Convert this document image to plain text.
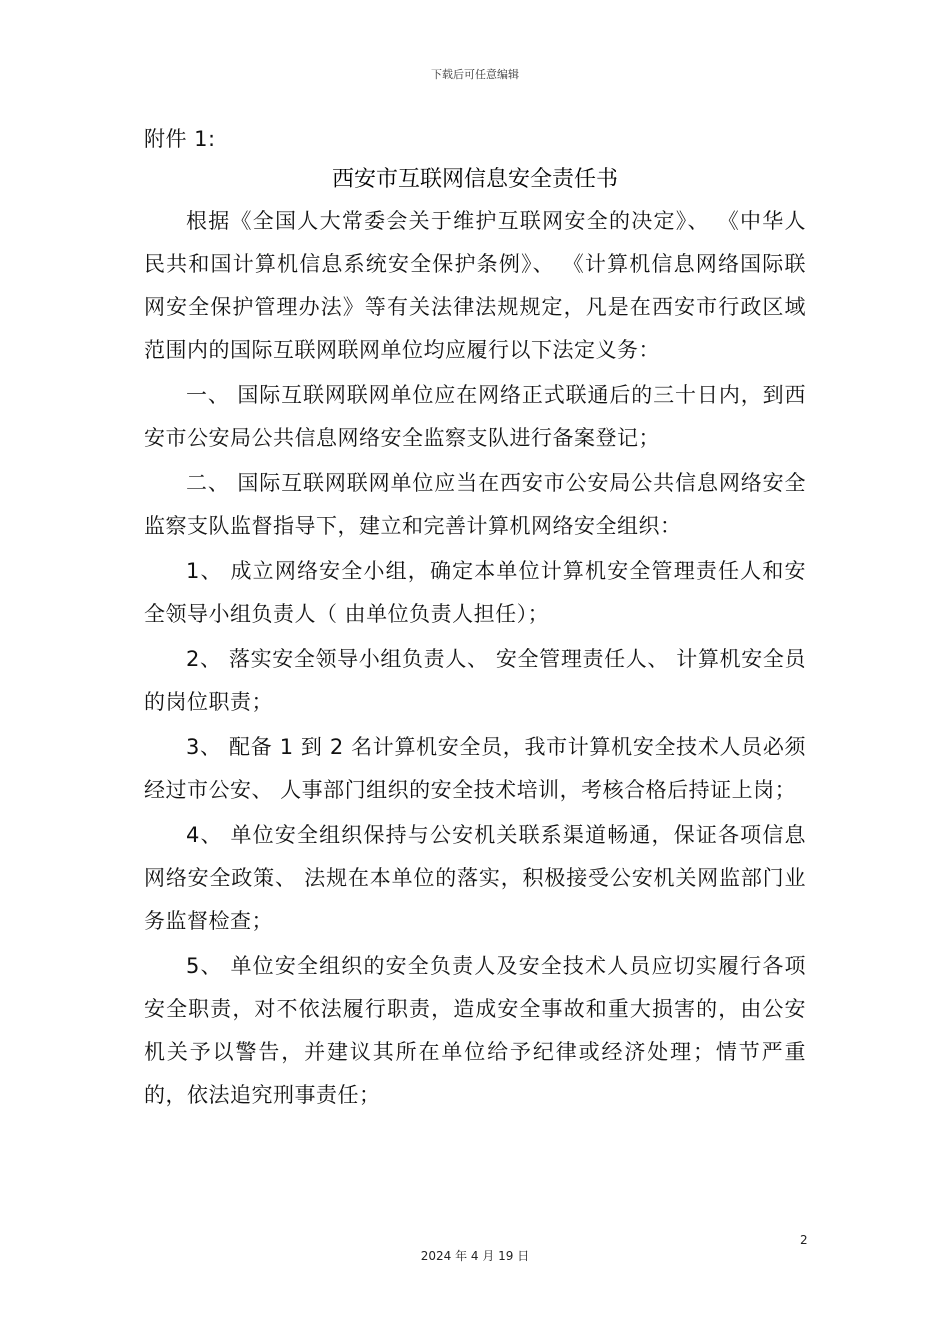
下载后可任意编辑
附件 1:
西安市互联网信息安全责任书

根据《全国人大常委会关于维护互联网安全的决定》、 《中华人民共和国计算机信息系统安全保护条例》、 《计算机信息网络国际联网安全保护管理办法》等有关法律法规规定，凡是在西安市行政区域范围内的国际互联网联网单位均应履行以下法定义务：

一、 国际互联网联网单位应在网络正式联通后的三十日内，到西安市公安局公共信息网络安全监察支队进行备案登记；

二、 国际互联网联网单位应当在西安市公安局公共信息网络安全监察支队监督指导下，建立和完善计算机网络安全组织：

1、 成立网络安全小组，确定本单位计算机安全管理责任人和安全领导小组负责人（ 由单位负责人担任）；

2、 落实安全领导小组负责人、 安全管理责任人、 计算机安全员的岗位职责；

3、 配备 1 到 2 名计算机安全员，我市计算机安全技术人员必须经过市公安、 人事部门组织的安全技术培训，考核合格后持证上岗；

4、 单位安全组织保持与公安机关联系渠道畅通，保证各项信息网络安全政策、 法规在本单位的落实，积极接受公安机关网监部门业务监督检查；

5、 单位安全组织的安全负责人及安全技术人员应切实履行各项安全职责，对不依法履行职责，造成安全事故和重大损害的，由公安机关予以警告，并建议其所在单位给予纪律或经济处理；情节严重的，依法追究刑事责任；

2
2024 年 4 月 19 日
